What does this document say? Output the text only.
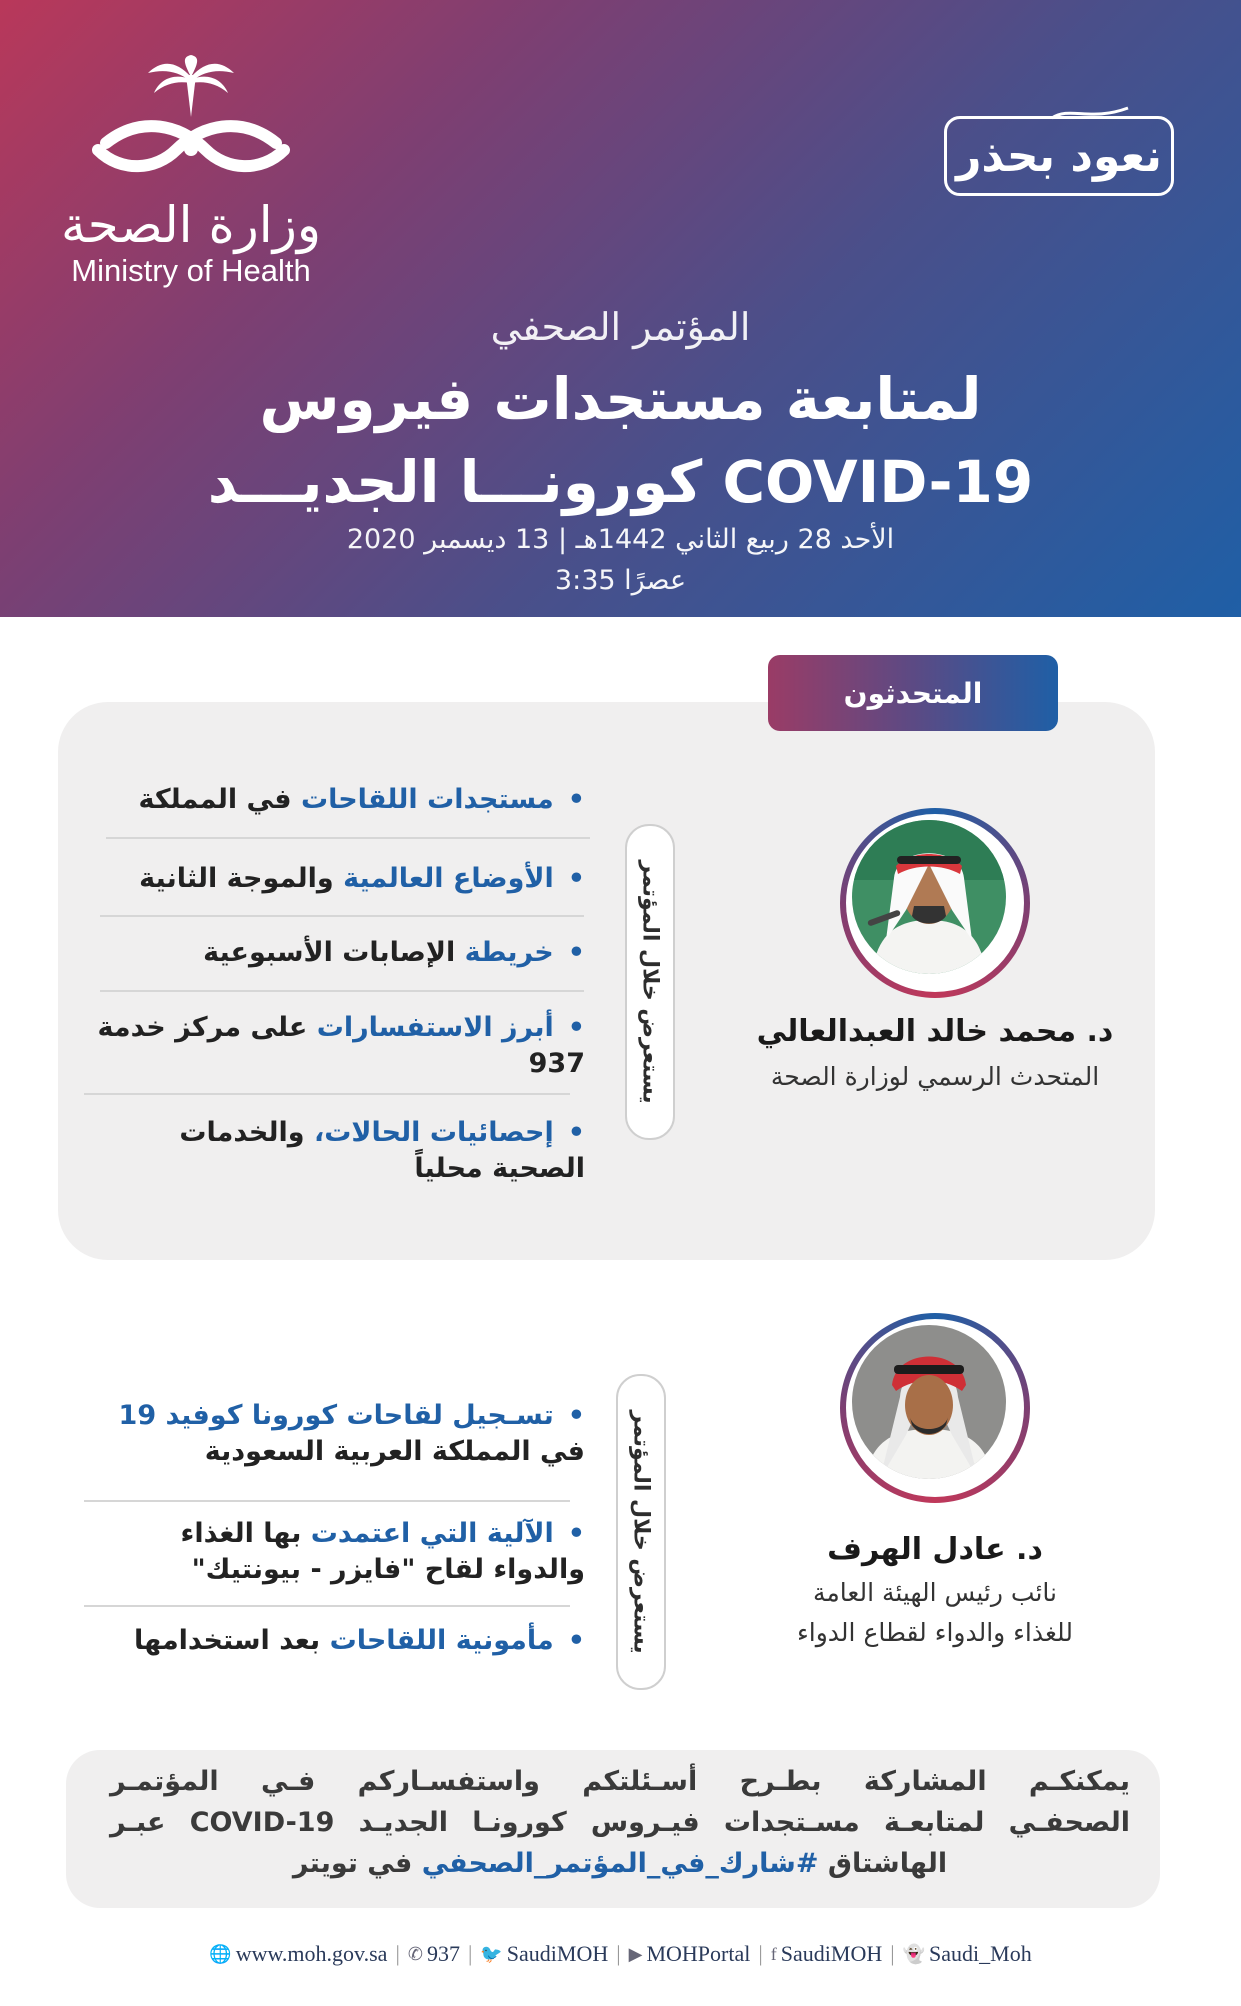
وزارة الصحة
Ministry of Health
نعود بحذر
المؤتمر الصحفي
لمتابعة مستجدات فيروس
كورونـــا الجديـــد COVID-19
الأحد 28 ربيع الثاني 1442هـ | 13 ديسمبر 2020
3:35 عصرًا
المتحدثون
د. محمد خالد العبدالعالي
المتحدث الرسمي لوزارة الصحة
يستعرض خلال المؤتمر
•مستجدات اللقاحات في المملكة
•الأوضاع العالمية والموجة الثانية
•خريطة الإصابات الأسبوعية
•أبرز الاستفسارات على مركز خدمة 937
•إحصائيات الحالات، والخدمات الصحية محلياً
د. عادل الهرف
نائب رئيس الهيئة العامة
للغذاء والدواء لقطاع الدواء
يستعرض خلال المؤتمر
•تسـجيل لقاحات كورونا كوفيد 19 في المملكة العربية السعودية
•الآلية التي اعتمدت بها الغذاء والدواء لقاح "فايزر - بيونتيك"
•مأمونية اللقاحات بعد استخدامها
يمكنكـم المشاركة بطـرح أسـئلتكم واستفسـاركم فـي المؤتمـر
الصحفـي لمتابعـة مسـتجدات فيـروس كورونـا الجديـد COVID-19 عبـر
الهاشتاق #شارك_في_المؤتمر_الصحفي في تويتر
🌐 www.moh.gov.sa | ✆ 937 | 🐦 SaudiMOH | ▶ MOHPortal | f SaudiMOH | 👻 Saudi_Moh
